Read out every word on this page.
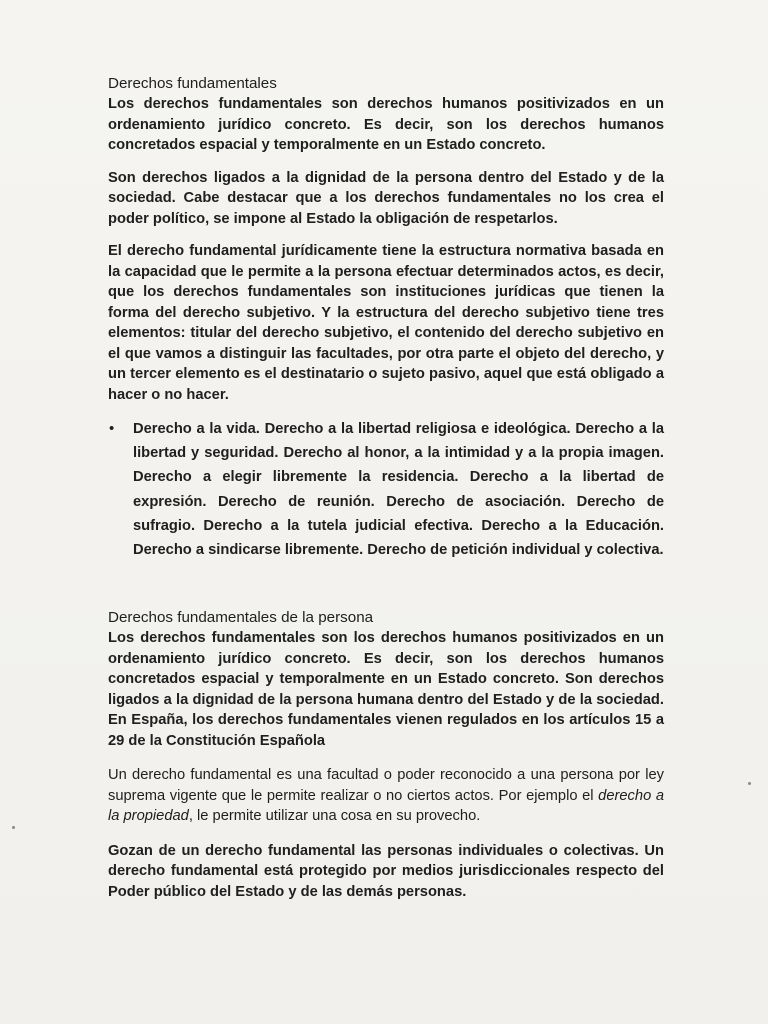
Derechos fundamentales

Los derechos fundamentales son derechos humanos positivizados en un ordenamiento jurídico concreto. Es decir, son los derechos humanos concretados espacial y temporalmente en un Estado concreto.

Son derechos ligados a la dignidad de la persona dentro del Estado y de la sociedad. Cabe destacar que a los derechos fundamentales no los crea el poder político, se impone al Estado la obligación de respetarlos.

El derecho fundamental jurídicamente tiene la estructura normativa basada en la capacidad que le permite a la persona efectuar determinados actos, es decir, que los derechos fundamentales son instituciones jurídicas que tienen la forma del derecho subjetivo. Y la estructura del derecho subjetivo tiene tres elementos: titular del derecho subjetivo, el contenido del derecho subjetivo en el que vamos a distinguir las facultades, por otra parte el objeto del derecho, y un tercer elemento es el destinatario o sujeto pasivo, aquel que está obligado a hacer o no hacer.

• Derecho a la vida. Derecho a la libertad religiosa e ideológica. Derecho a la libertad y seguridad. Derecho al honor, a la intimidad y a la propia imagen. Derecho a elegir libremente la residencia. Derecho a la libertad de expresión. Derecho de reunión. Derecho de asociación. Derecho de sufragio. Derecho a la tutela judicial efectiva. Derecho a la Educación. Derecho a sindicarse libremente. Derecho de petición individual y colectiva.

Derechos fundamentales de la persona

Los derechos fundamentales son los derechos humanos positivizados en un ordenamiento jurídico concreto. Es decir, son los derechos humanos concretados espacial y temporalmente en un Estado concreto. Son derechos ligados a la dignidad de la persona humana dentro del Estado y de la sociedad. En España, los derechos fundamentales vienen regulados en los artículos 15 a 29 de la Constitución Española

Un derecho fundamental es una facultad o poder reconocido a una persona por ley suprema vigente que le permite realizar o no ciertos actos. Por ejemplo el derecho a la propiedad, le permite utilizar una cosa en su provecho.

Gozan de un derecho fundamental las personas individuales o colectivas. Un derecho fundamental está protegido por medios jurisdiccionales respecto del Poder público del Estado y de las demás personas.
